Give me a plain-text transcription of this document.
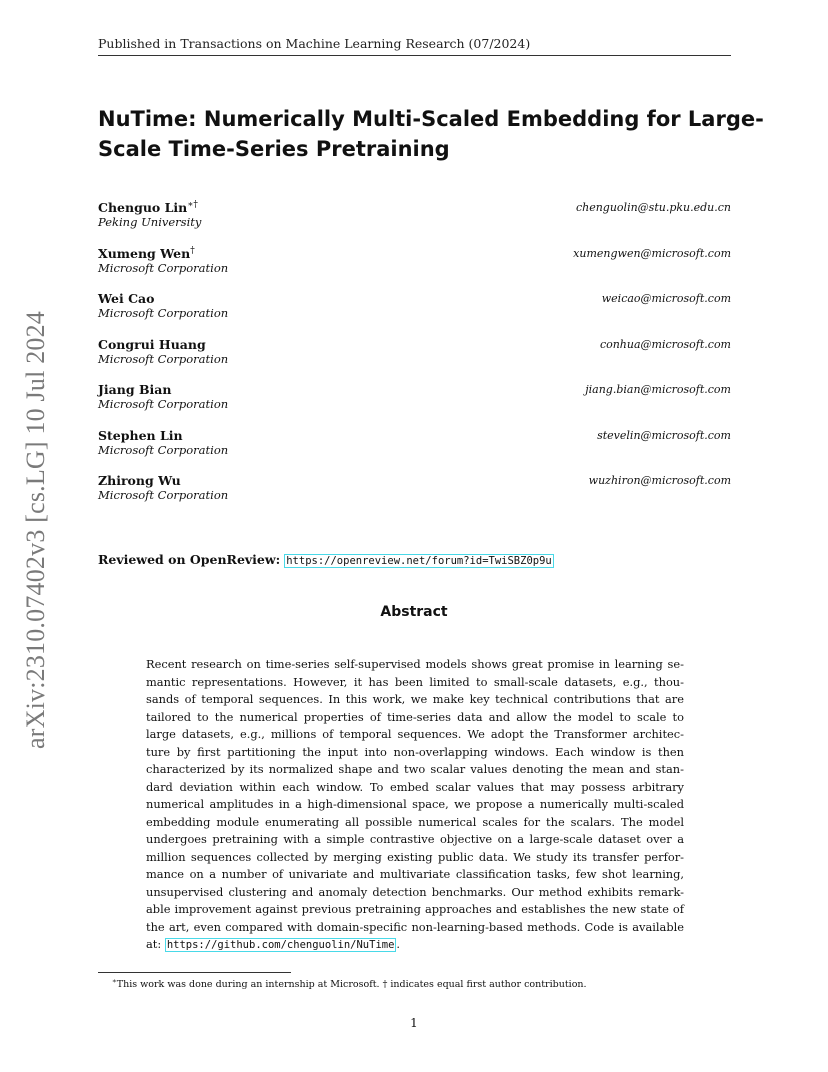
Published in Transactions on Machine Learning Research (07/2024)
arXiv:2310.07402v3 [cs.LG] 10 Jul 2024
NuTime: Numerically Multi-Scaled Embedding for Large-
Scale Time-Series Pretraining
Chenguo Lin∗†
Peking University
chenguolin@stu.pku.edu.cn
Xumeng Wen†
Microsoft Corporation
xumengwen@microsoft.com
Wei Cao
Microsoft Corporation
weicao@microsoft.com
Congrui Huang
Microsoft Corporation
conhua@microsoft.com
Jiang Bian
Microsoft Corporation
jiang.bian@microsoft.com
Stephen Lin
Microsoft Corporation
stevelin@microsoft.com
Zhirong Wu
Microsoft Corporation
wuzhiron@microsoft.com
Reviewed on OpenReview: https://openreview.net/forum?id=TwiSBZ0p9u
Abstract
Recent research on time-series self-supervised models shows great promise in learning se-
mantic representations. However, it has been limited to small-scale datasets, e.g., thou-
sands of temporal sequences. In this work, we make key technical contributions that are
tailored to the numerical properties of time-series data and allow the model to scale to
large datasets, e.g., millions of temporal sequences. We adopt the Transformer architec-
ture by first partitioning the input into non-overlapping windows. Each window is then
characterized by its normalized shape and two scalar values denoting the mean and stan-
dard deviation within each window. To embed scalar values that may possess arbitrary
numerical amplitudes in a high-dimensional space, we propose a numerically multi-scaled
embedding module enumerating all possible numerical scales for the scalars. The model
undergoes pretraining with a simple contrastive objective on a large-scale dataset over a
million sequences collected by merging existing public data. We study its transfer perfor-
mance on a number of univariate and multivariate classification tasks, few shot learning,
unsupervised clustering and anomaly detection benchmarks. Our method exhibits remark-
able improvement against previous pretraining approaches and establishes the new state of
the art, even compared with domain-specific non-learning-based methods. Code is available
at: https://github.com/chenguolin/NuTime .
∗This work was done during an internship at Microsoft. † indicates equal first author contribution.
1
